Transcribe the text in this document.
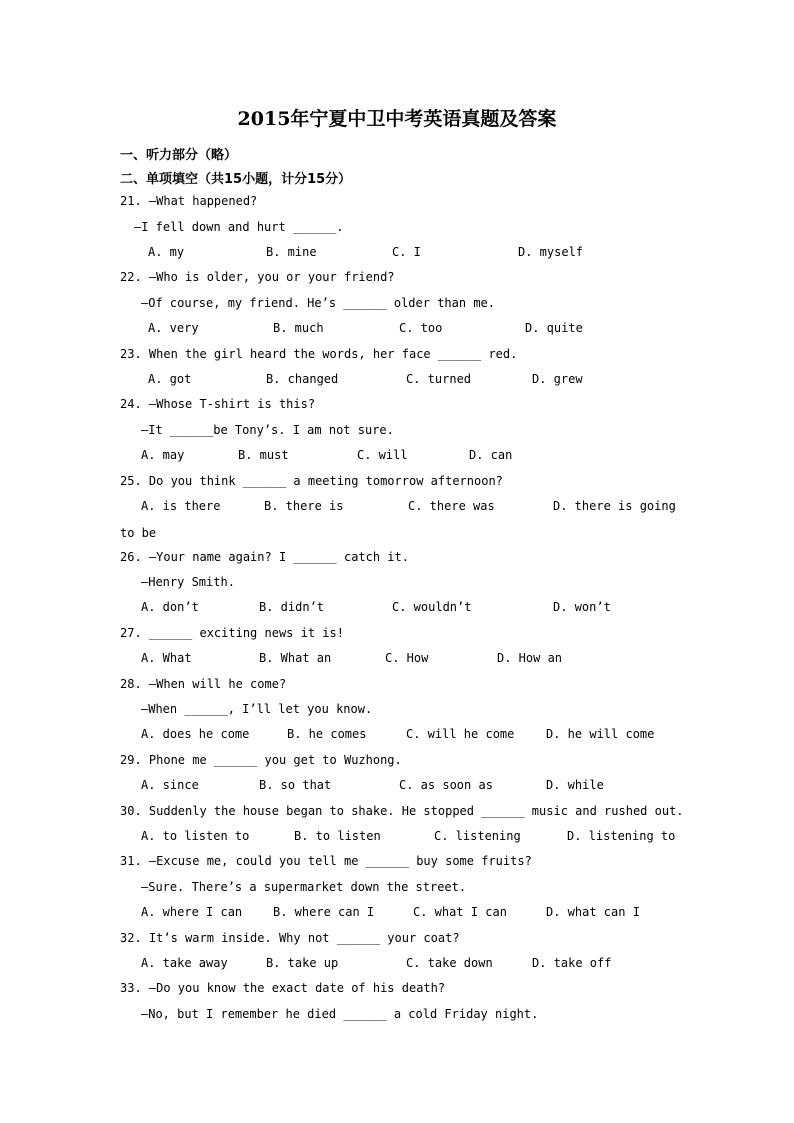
2015年宁夏中卫中考英语真题及答案
一、听力部分（略）
二、单项填空（共15小题，计分15分）
21. —What happened?
—I fell down and hurt ______.
A. my	B. mine	C. I	D. myself
22. —Who is older, you or your friend?
—Of course, my friend. He’s ______ older than me.
A. very	B. much	C. too	D. quite
23. When the girl heard the words, her face ______ red.
A. got	B. changed	C. turned	D. grew
24. —Whose T-shirt is this?
—It ______be Tony’s. I am not sure.
A. may	B. must	C. will	D. can
25. Do you think ______ a meeting tomorrow afternoon?
A. is there	B. there is	C. there was	D. there is going
to be
26. —Your name again? I ______ catch it.
—Henry Smith.
A. don’t	B. didn’t	C. wouldn’t	D. won’t
27. ______ exciting news it is!
A. What	B. What an	C. How	D. How an
28. —When will he come?
—When ______, I’ll let you know.
A. does he come	B. he comes	C. will he come	D. he will come
29. Phone me ______ you get to Wuzhong.
A. since	B. so that	C. as soon as	D. while
30. Suddenly the house began to shake. He stopped ______ music and rushed out.
A. to listen to	B. to listen	C. listening	D. listening to
31. —Excuse me, could you tell me ______ buy some fruits?
—Sure. There’s a supermarket down the street.
A. where I can	B. where can I	C. what I can	D. what can I
32. It’s warm inside. Why not ______ your coat?
A. take away	B. take up	C. take down	D. take off
33. —Do you know the exact date of his death?
—No, but I remember he died ______ a cold Friday night.
